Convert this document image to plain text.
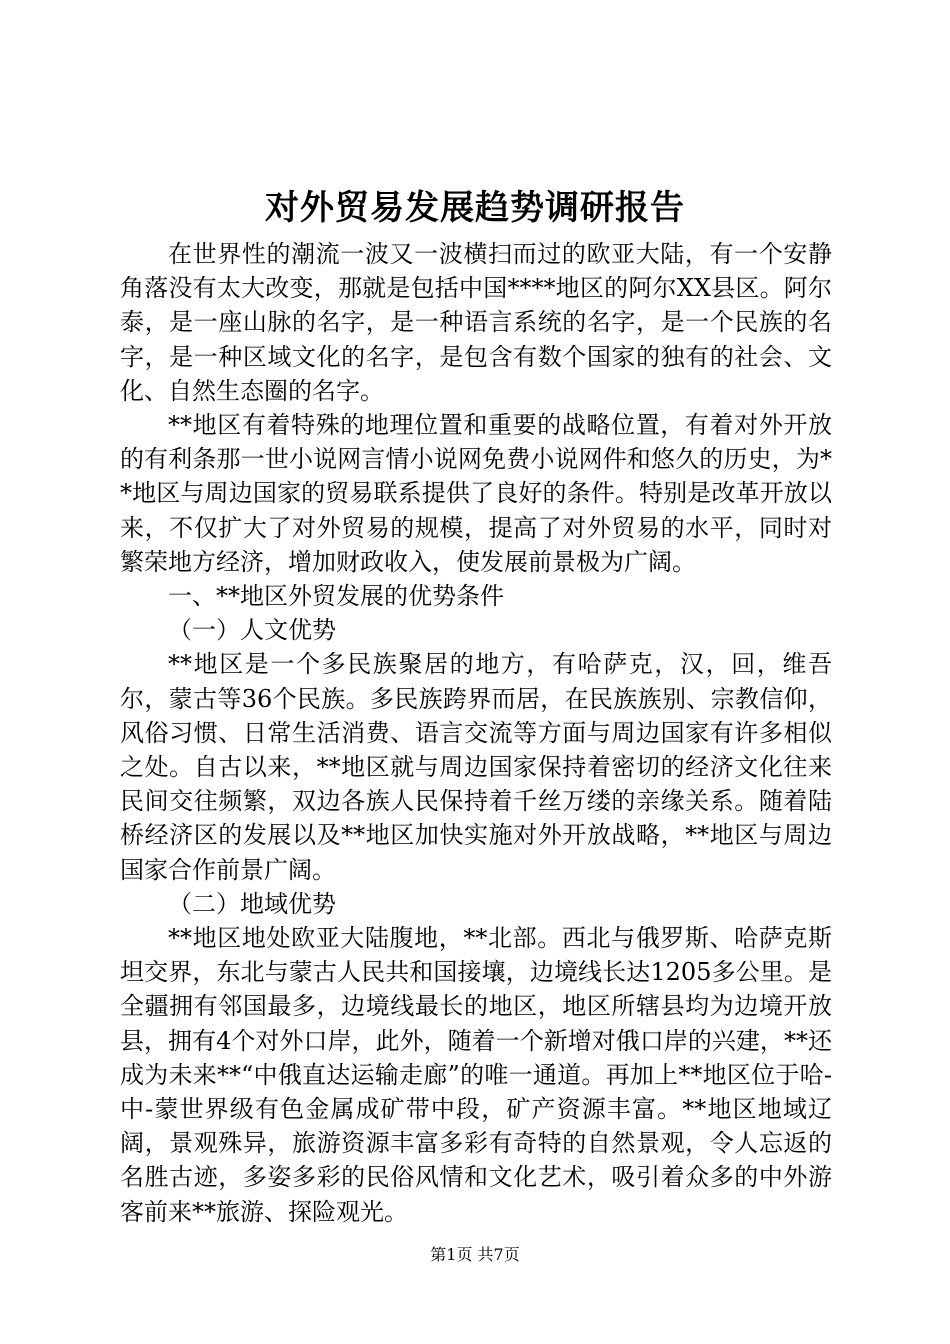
对外贸易发展趋势调研报告

在世界性的潮流一波又一波横扫而过的欧亚大陆，有一个安静角落没有太大改变，那就是包括中国****地区的阿尔XX县区。阿尔泰，是一座山脉的名字，是一种语言系统的名字，是一个民族的名字，是一种区域文化的名字，是包含有数个国家的独有的社会、文化、自然生态圈的名字。

**地区有着特殊的地理位置和重要的战略位置，有着对外开放的有利条那一世小说网言情小说网免费小说网件和悠久的历史，为**地区与周边国家的贸易联系提供了良好的条件。特别是改革开放以来，不仅扩大了对外贸易的规模，提高了对外贸易的水平，同时对繁荣地方经济，增加财政收入，使发展前景极为广阔。

一、**地区外贸发展的优势条件

（一）人文优势

**地区是一个多民族聚居的地方，有哈萨克，汉，回，维吾尔，蒙古等36个民族。多民族跨界而居，在民族族别、宗教信仰，风俗习惯、日常生活消费、语言交流等方面与周边国家有许多相似之处。自古以来，**地区就与周边国家保持着密切的经济文化往来民间交往频繁，双边各族人民保持着千丝万缕的亲缘关系。随着陆桥经济区的发展以及**地区加快实施对外开放战略，**地区与周边国家合作前景广阔。

（二）地域优势

**地区地处欧亚大陆腹地，**北部。西北与俄罗斯、哈萨克斯坦交界，东北与蒙古人民共和国接壤，边境线长达1205多公里。是全疆拥有邻国最多，边境线最长的地区，地区所辖县均为边境开放县，拥有4个对外口岸，此外，随着一个新增对俄口岸的兴建，**还成为未来**“中俄直达运输走廊”的唯一通道。再加上**地区位于哈-中-蒙世界级有色金属成矿带中段，矿产资源丰富。**地区地域辽阔，景观殊异，旅游资源丰富多彩有奇特的自然景观，令人忘返的名胜古迹，多姿多彩的民俗风情和文化艺术，吸引着众多的中外游客前来**旅游、探险观光。

第1页 共7页
